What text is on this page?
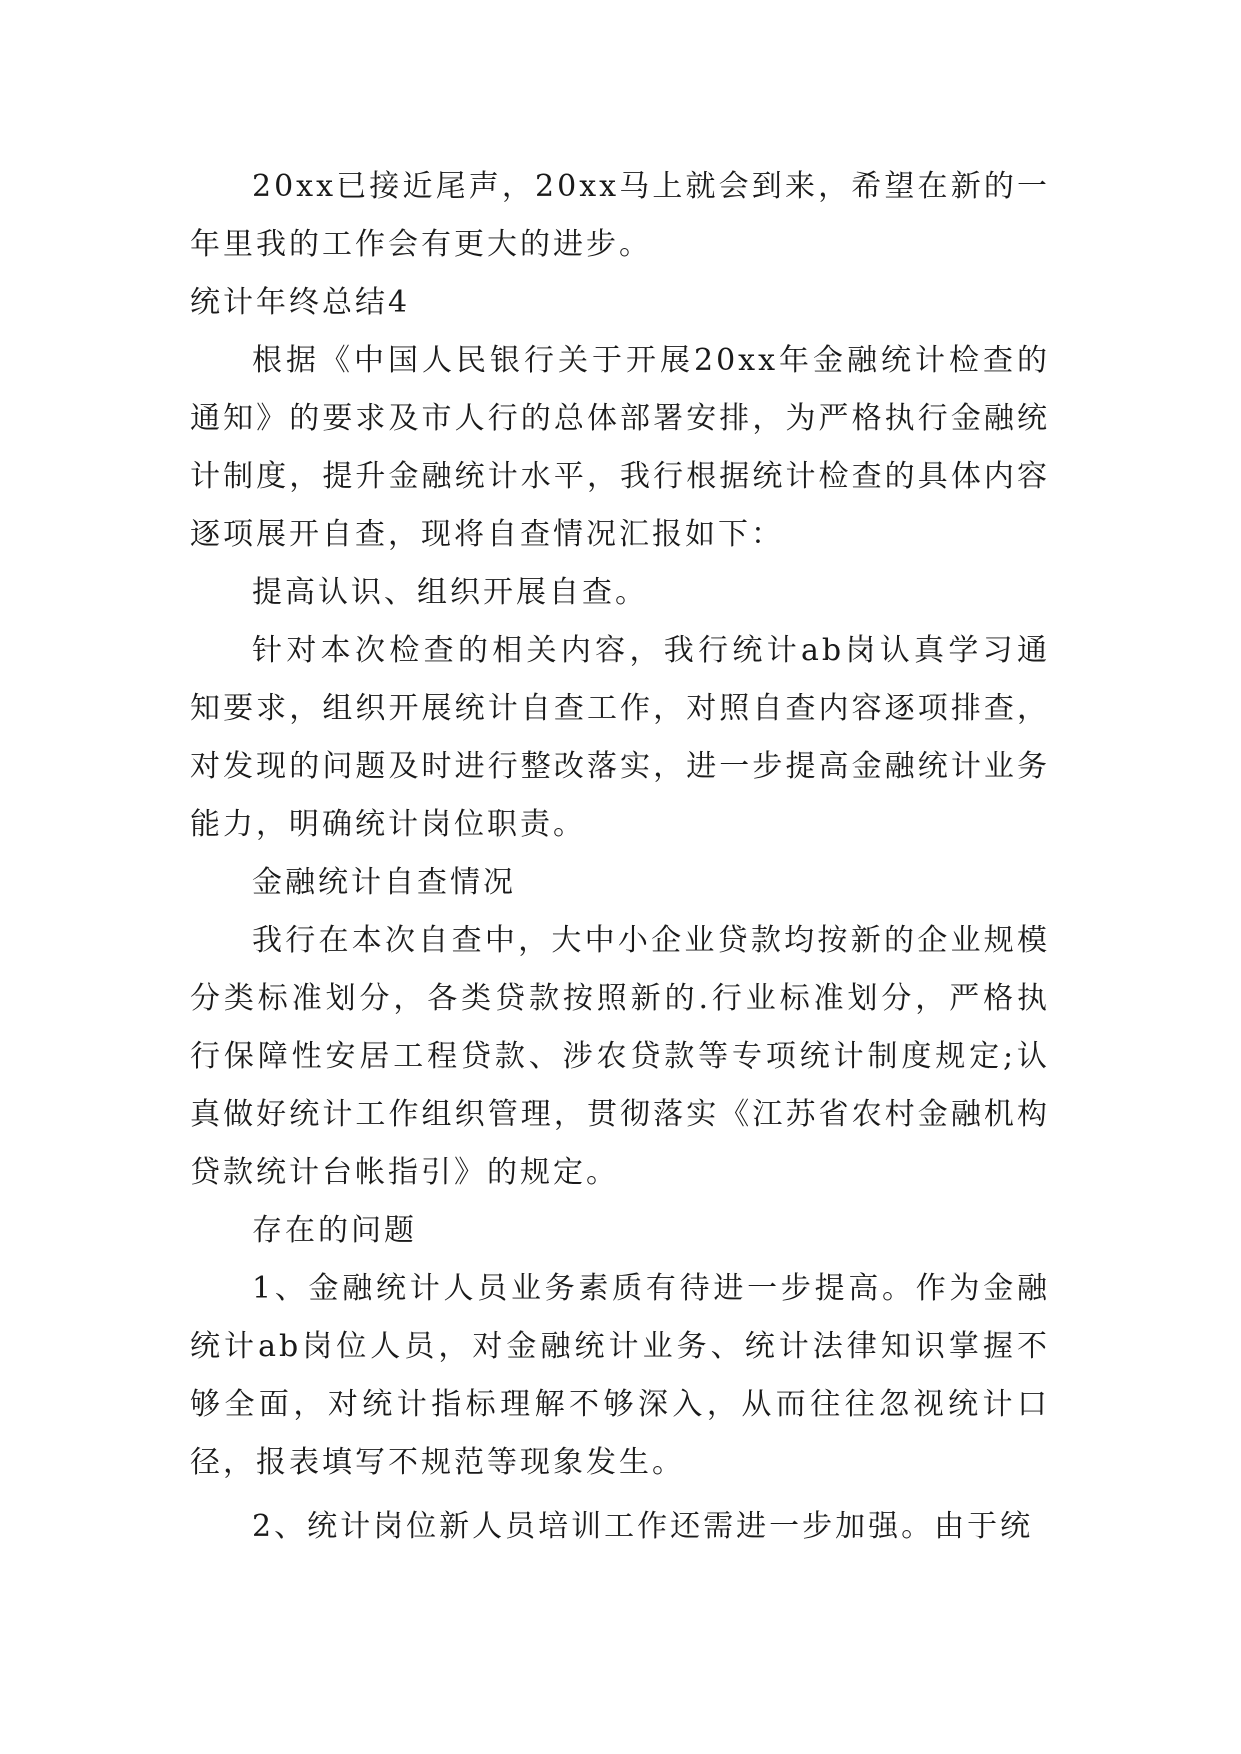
20xx已接近尾声，20xx马上就会到来，希望在新的一年里我的工作会有更大的进步。

统计年终总结4

根据《中国人民银行关于开展20xx年金融统计检查的通知》的要求及市人行的总体部署安排，为严格执行金融统计制度，提升金融统计水平，我行根据统计检查的具体内容逐项展开自查，现将自查情况汇报如下：

提高认识、组织开展自查。

针对本次检查的相关内容，我行统计ab岗认真学习通知要求，组织开展统计自查工作，对照自查内容逐项排查，对发现的问题及时进行整改落实，进一步提高金融统计业务能力，明确统计岗位职责。

金融统计自查情况

我行在本次自查中，大中小企业贷款均按新的企业规模分类标准划分，各类贷款按照新的.行业标准划分，严格执行保障性安居工程贷款、涉农贷款等专项统计制度规定;认真做好统计工作组织管理，贯彻落实《江苏省农村金融机构贷款统计台帐指引》的规定。

存在的问题

1、金融统计人员业务素质有待进一步提高。作为金融统计ab岗位人员，对金融统计业务、统计法律知识掌握不够全面，对统计指标理解不够深入，从而往往忽视统计口径，报表填写不规范等现象发生。

2、统计岗位新人员培训工作还需进一步加强。由于统
